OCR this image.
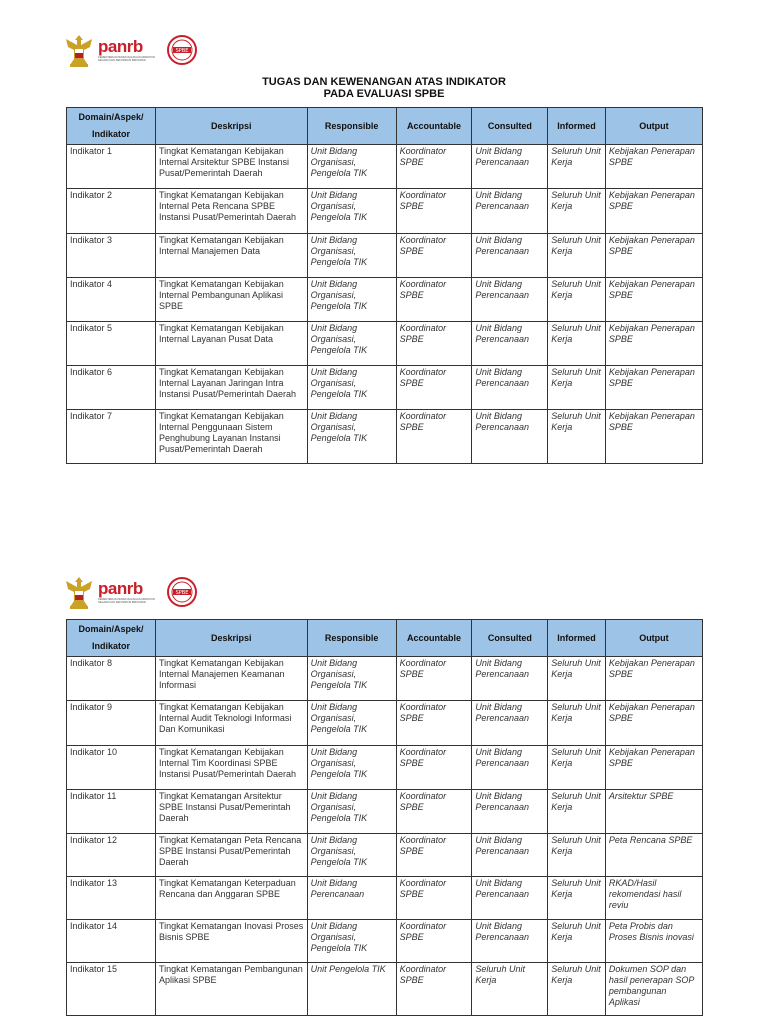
panrb
KEMENTERIAN PENDAYAGUNAAN APARATUR NEGARA DAN REFORMASI BIROKRASI
SPBE
TUGAS DAN KEWENANGAN ATAS INDIKATOR
PADA EVALUASI SPBE
Domain/Aspek/ Indikator	Deskripsi	Responsible	Accountable	Consulted	Informed	Output
Indikator 1	Tingkat Kematangan Kebijakan Internal Arsitektur SPBE Instansi Pusat/Pemerintah Daerah	Unit Bidang Organisasi, Pengelola TIK	Koordinator SPBE	Unit Bidang Perencanaan	Seluruh Unit Kerja	Kebijakan Penerapan SPBE
Indikator 2	Tingkat Kematangan Kebijakan Internal Peta Rencana SPBE Instansi Pusat/Pemerintah Daerah	Unit Bidang Organisasi, Pengelola TIK	Koordinator SPBE	Unit Bidang Perencanaan	Seluruh Unit Kerja	Kebijakan Penerapan SPBE
Indikator 3	Tingkat Kematangan Kebijakan Internal Manajemen Data	Unit Bidang Organisasi, Pengelola TIK	Koordinator SPBE	Unit Bidang Perencanaan	Seluruh Unit Kerja	Kebijakan Penerapan SPBE
Indikator 4	Tingkat Kematangan Kebijakan Internal Pembangunan Aplikasi SPBE	Unit Bidang Organisasi, Pengelola TIK	Koordinator SPBE	Unit Bidang Perencanaan	Seluruh Unit Kerja	Kebijakan Penerapan SPBE
Indikator 5	Tingkat Kematangan Kebijakan Internal Layanan Pusat Data	Unit Bidang Organisasi, Pengelola TIK	Koordinator SPBE	Unit Bidang Perencanaan	Seluruh Unit Kerja	Kebijakan Penerapan SPBE
Indikator 6	Tingkat Kematangan Kebijakan Internal Layanan Jaringan Intra Instansi Pusat/Pemerintah Daerah	Unit Bidang Organisasi, Pengelola TIK	Koordinator SPBE	Unit Bidang Perencanaan	Seluruh Unit Kerja	Kebijakan Penerapan SPBE
Indikator 7	Tingkat Kematangan Kebijakan Internal Penggunaan Sistem Penghubung Layanan Instansi Pusat/Pemerintah Daerah	Unit Bidang Organisasi, Pengelola TIK	Koordinator SPBE	Unit Bidang Perencanaan	Seluruh Unit Kerja	Kebijakan Penerapan SPBE
panrb
KEMENTERIAN PENDAYAGUNAAN APARATUR NEGARA DAN REFORMASI BIROKRASI
SPBE
Domain/Aspek/ Indikator	Deskripsi	Responsible	Accountable	Consulted	Informed	Output
Indikator 8	Tingkat Kematangan Kebijakan Internal Manajemen Keamanan Informasi	Unit Bidang Organisasi, Pengelola TIK	Koordinator SPBE	Unit Bidang Perencanaan	Seluruh Unit Kerja	Kebijakan Penerapan SPBE
Indikator 9	Tingkat Kematangan Kebijakan Internal Audit Teknologi Informasi Dan Komunikasi	Unit Bidang Organisasi, Pengelola TIK	Koordinator SPBE	Unit Bidang Perencanaan	Seluruh Unit Kerja	Kebijakan Penerapan SPBE
Indikator 10	Tingkat Kematangan Kebijakan Internal Tim Koordinasi SPBE Instansi Pusat/Pemerintah Daerah	Unit Bidang Organisasi, Pengelola TIK	Koordinator SPBE	Unit Bidang Perencanaan	Seluruh Unit Kerja	Kebijakan Penerapan SPBE
Indikator 11	Tingkat Kematangan Arsitektur SPBE Instansi Pusat/Pemerintah Daerah	Unit Bidang Organisasi, Pengelola TIK	Koordinator SPBE	Unit Bidang Perencanaan	Seluruh Unit Kerja	Arsitektur SPBE
Indikator 12	Tingkat Kematangan Peta Rencana SPBE Instansi Pusat/Pemerintah Daerah	Unit Bidang Organisasi, Pengelola TIK	Koordinator SPBE	Unit Bidang Perencanaan	Seluruh Unit Kerja	Peta Rencana SPBE
Indikator 13	Tingkat Kematangan Keterpaduan Rencana dan Anggaran SPBE	Unit Bidang Perencanaan	Koordinator SPBE	Unit Bidang Perencanaan	Seluruh Unit Kerja	RKAD/Hasil rekomendasi hasil reviu
Indikator 14	Tingkat Kematangan Inovasi Proses Bisnis SPBE	Unit Bidang Organisasi, Pengelola TIK	Koordinator SPBE	Unit Bidang Perencanaan	Seluruh Unit Kerja	Peta Probis dan Proses Bisnis inovasi
Indikator 15	Tingkat Kematangan Pembangunan Aplikasi SPBE	Unit Pengelola TIK	Koordinator SPBE	Seluruh Unit Kerja	Seluruh Unit Kerja	Dokumen SOP dan hasil penerapan SOP pembangunan Aplikasi
